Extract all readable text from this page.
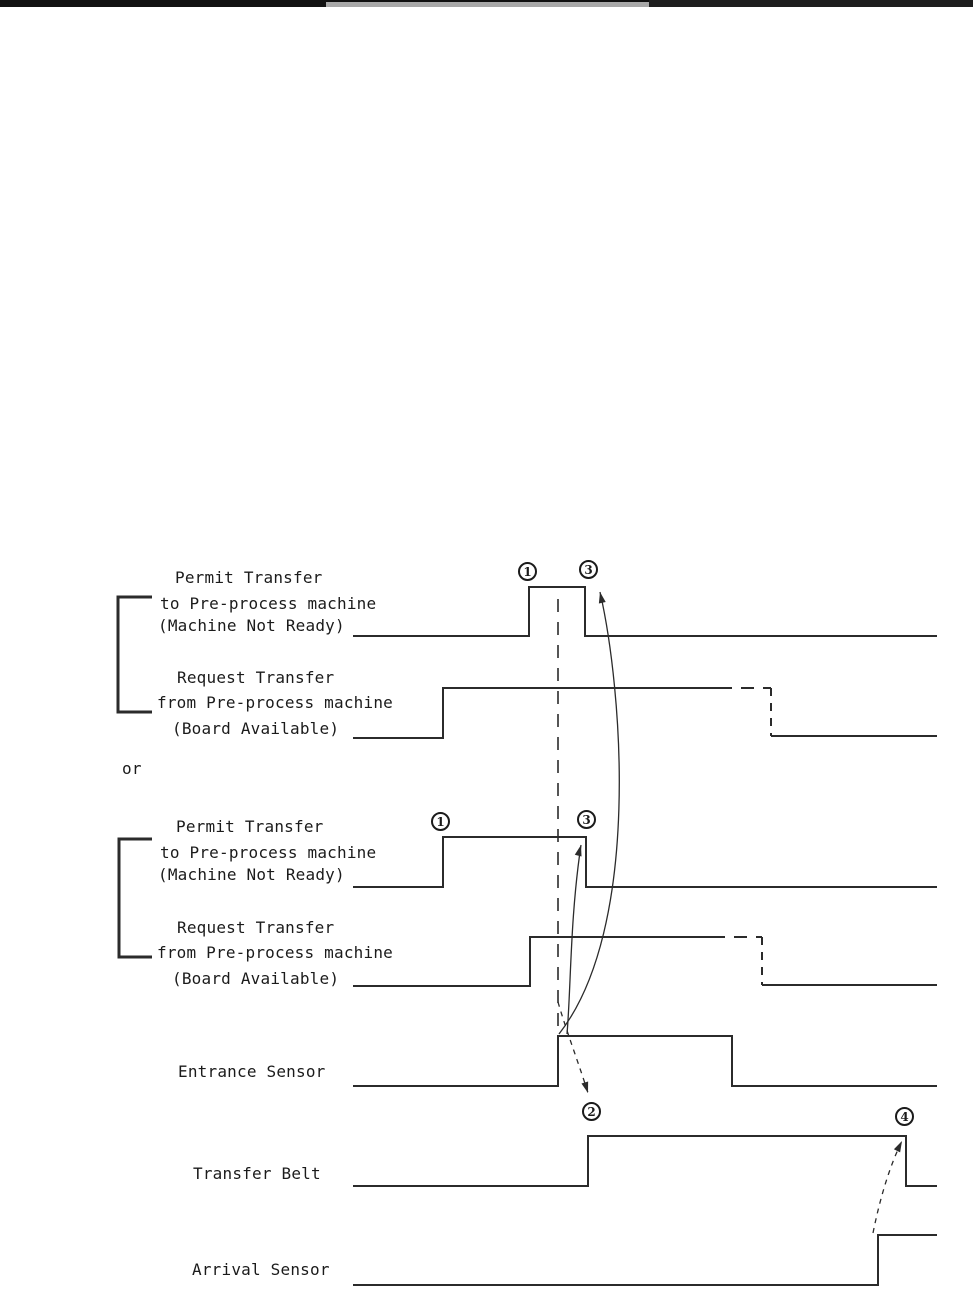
Permit Transfer
to Pre-process machine
(Machine Not Ready)
Request Transfer
from Pre-process machine
(Board Available)
or
Permit Transfer
to Pre-process machine
(Machine Not Ready)
Request Transfer
from Pre-process machine
(Board Available)
Entrance Sensor
Transfer Belt
Arrival Sensor
1	3
1	3
2	4
